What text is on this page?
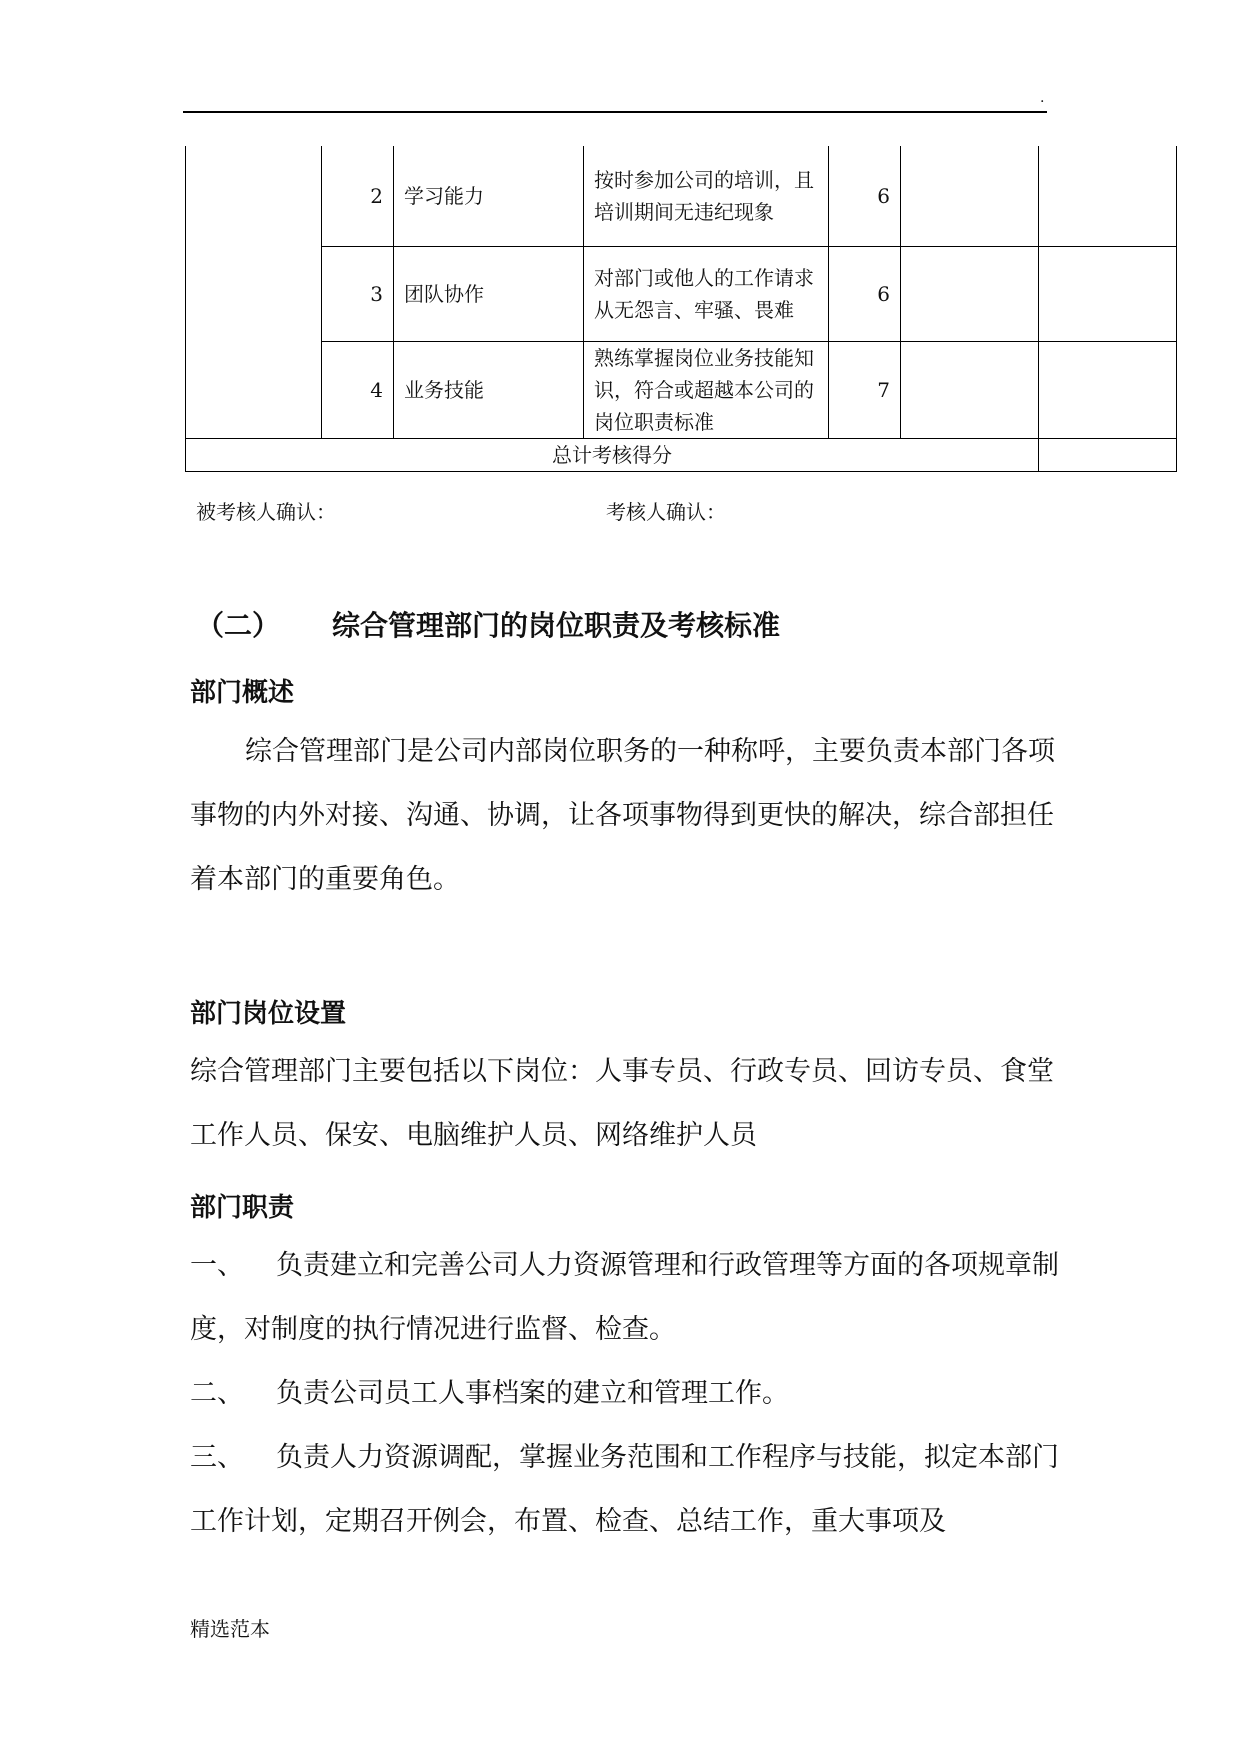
.
	2	学习能力	按时参加公司的培训，且培训期间无违纪现象	6		
	3	团队协作	对部门或他人的工作请求从无怨言、牢骚、畏难	6		
	4	业务技能	熟练掌握岗位业务技能知识，符合或超越本公司的岗位职责标准	7		
总计考核得分						
被考核人确认：	考核人确认：
（二） 综合管理部门的岗位职责及考核标准
部门概述
综合管理部门是公司内部岗位职务的一种称呼，主要负责本部门各项事物的内外对接、沟通、协调，让各项事物得到更快的解决，综合部担任着本部门的重要角色。
部门岗位设置
综合管理部门主要包括以下岗位：人事专员、行政专员、回访专员、食堂工作人员、保安、电脑维护人员、网络维护人员
部门职责
一、 负责建立和完善公司人力资源管理和行政管理等方面的各项规章制度，对制度的执行情况进行监督、检查。
二、 负责公司员工人事档案的建立和管理工作。
三、 负责人力资源调配，掌握业务范围和工作程序与技能，拟定本部门工作计划，定期召开例会，布置、检查、总结工作，重大事项及
精选范本
